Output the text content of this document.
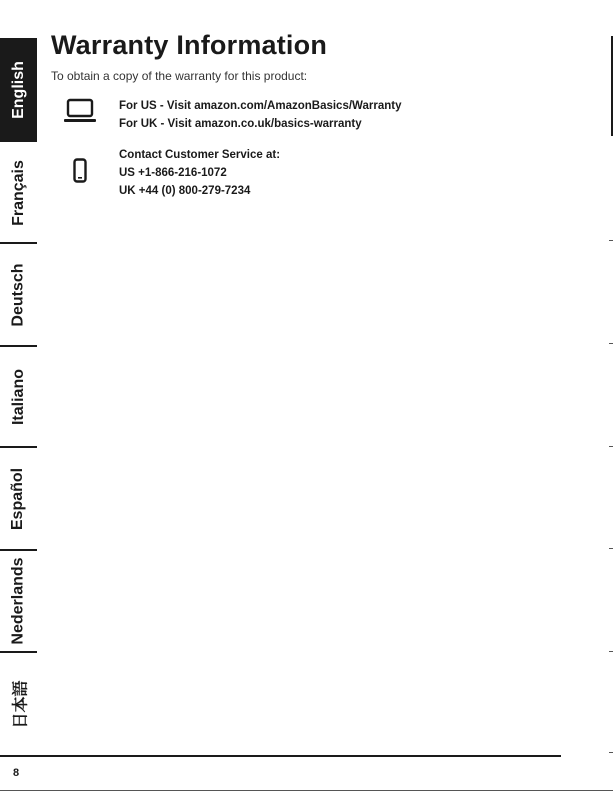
English
Français
Deutsch
Italiano
Español
Nederlands
日本語
Warranty Information

To obtain a copy of the warranty for this product:

For US - Visit amazon.com/AmazonBasics/Warranty
For UK - Visit amazon.co.uk/basics-warranty
Contact Customer Service at:
US +1-866-216-1072
UK +44 (0) 800-279-7234
8
